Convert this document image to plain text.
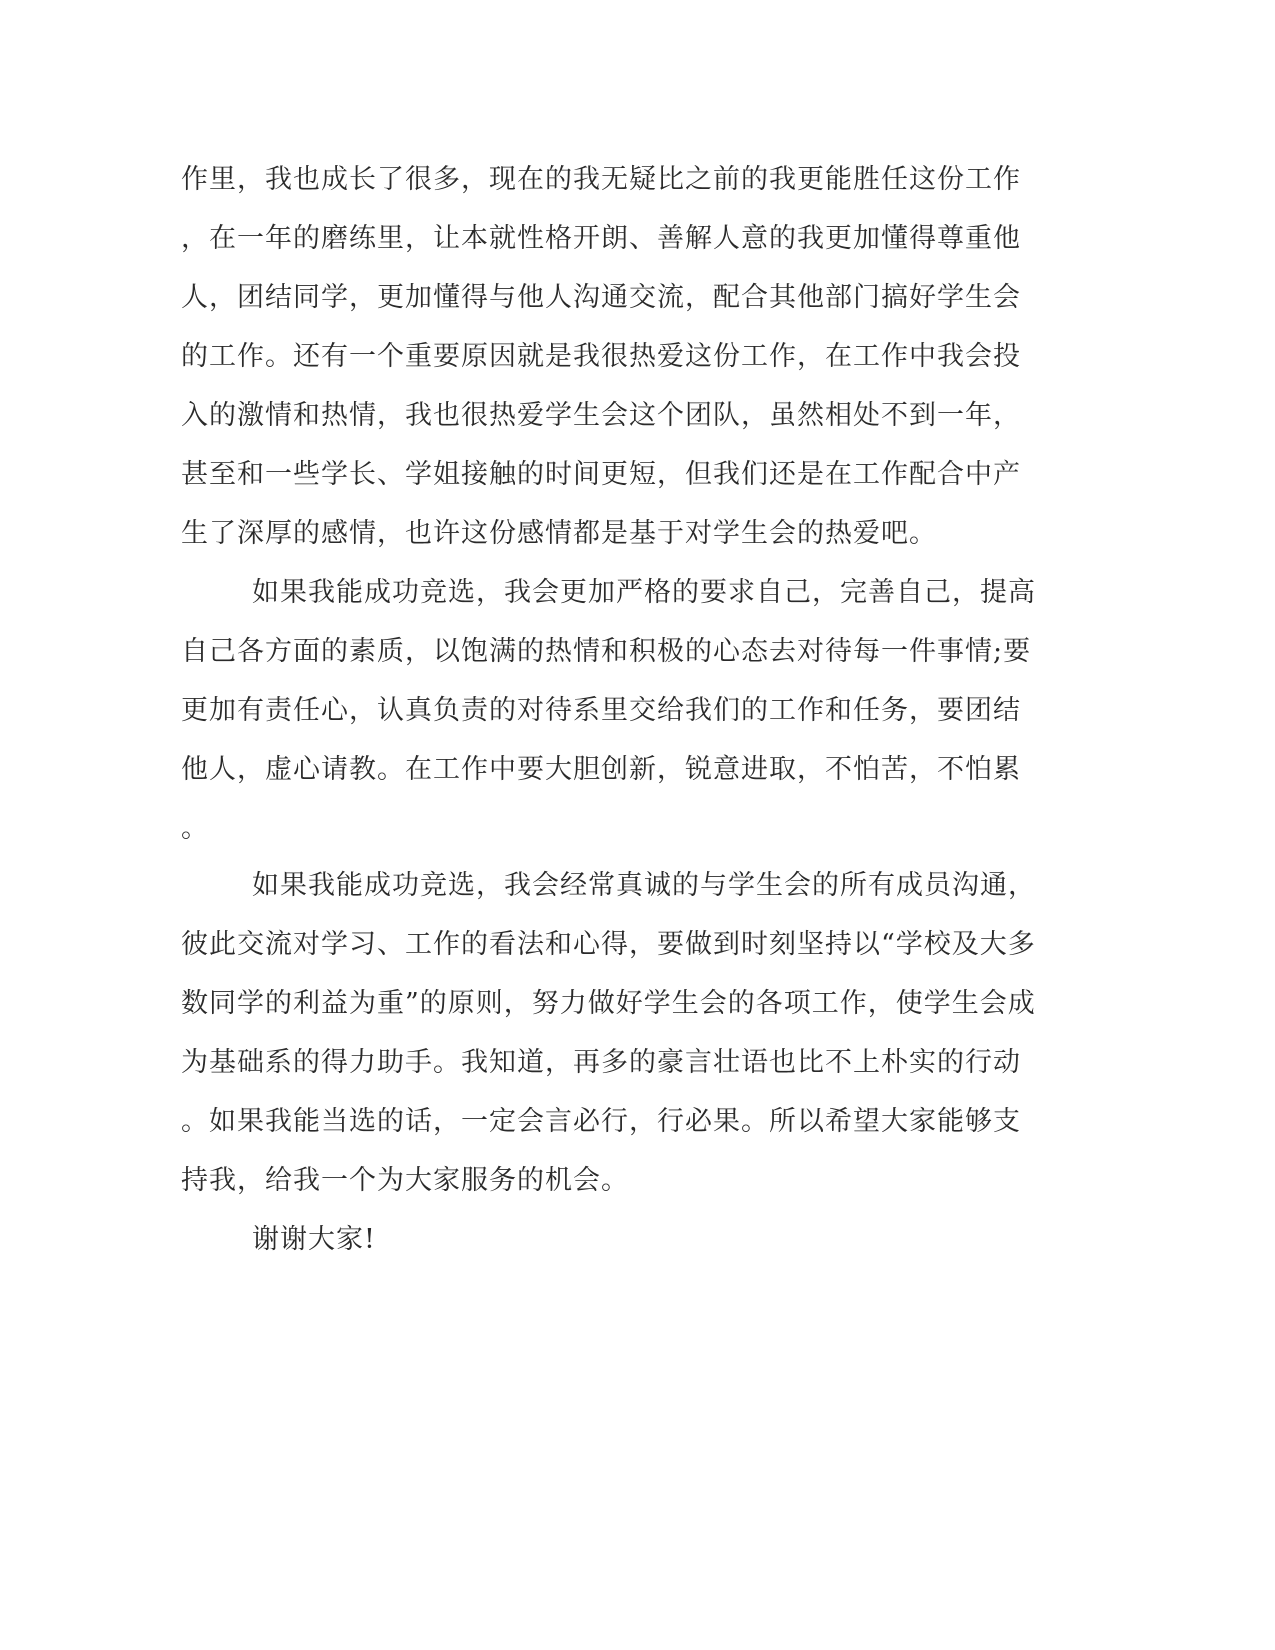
作里，我也成长了很多，现在的我无疑比之前的我更能胜任这份工作
，在一年的磨练里，让本就性格开朗、善解人意的我更加懂得尊重他
人，团结同学，更加懂得与他人沟通交流，配合其他部门搞好学生会
的工作。还有一个重要原因就是我很热爱这份工作，在工作中我会投
入的激情和热情，我也很热爱学生会这个团队，虽然相处不到一年，
甚至和一些学长、学姐接触的时间更短，但我们还是在工作配合中产
生了深厚的感情，也许这份感情都是基于对学生会的热爱吧。
如果我能成功竞选，我会更加严格的要求自己，完善自己，提高
自己各方面的素质，以饱满的热情和积极的心态去对待每一件事情;要
更加有责任心，认真负责的对待系里交给我们的工作和任务，要团结
他人，虚心请教。在工作中要大胆创新，锐意进取，不怕苦，不怕累
。
如果我能成功竞选，我会经常真诚的与学生会的所有成员沟通，
彼此交流对学习、工作的看法和心得，要做到时刻坚持以“学校及大多
数同学的利益为重”的原则，努力做好学生会的各项工作，使学生会成
为基础系的得力助手。我知道，再多的豪言壮语也比不上朴实的行动
。如果我能当选的话，一定会言必行，行必果。所以希望大家能够支
持我，给我一个为大家服务的机会。
谢谢大家!
